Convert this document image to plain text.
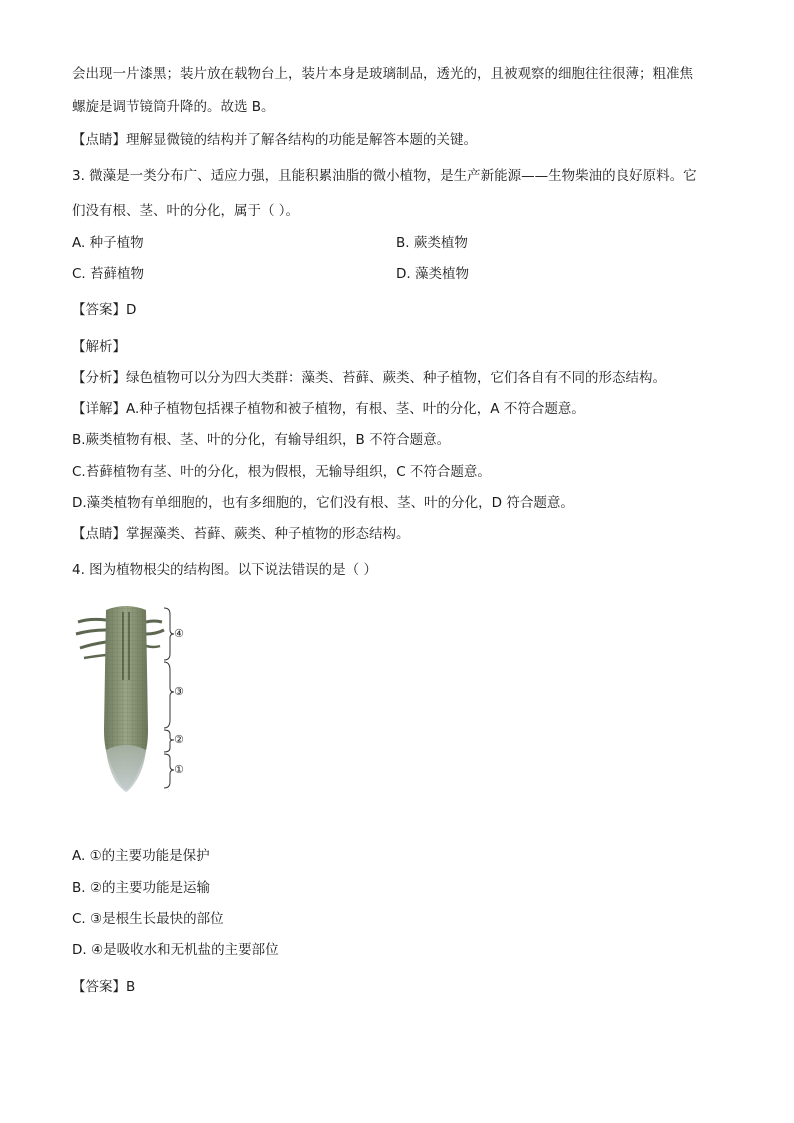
会出现一片漆黑；装片放在载物台上，装片本身是玻璃制品，透光的，且被观察的细胞往往很薄；粗准焦
螺旋是调节镜筒升降的。故选 B。
【点睛】理解显微镜的结构并了解各结构的功能是解答本题的关键。
3. 微藻是一类分布广、适应力强，且能积累油脂的微小植物，是生产新能源——生物柴油的良好原料。它
们没有根、茎、叶的分化，属于（ ）。
A. 种子植物	B. 蕨类植物
C. 苔藓植物	D. 藻类植物
【答案】D
【解析】
【分析】绿色植物可以分为四大类群：藻类、苔藓、蕨类、种子植物，它们各自有不同的形态结构。
【详解】A.种子植物包括裸子植物和被子植物，有根、茎、叶的分化，A 不符合题意。
B.蕨类植物有根、茎、叶的分化，有输导组织，B 不符合题意。
C.苔藓植物有茎、叶的分化，根为假根，无输导组织，C 不符合题意。
D.藻类植物有单细胞的，也有多细胞的，它们没有根、茎、叶的分化，D 符合题意。
【点睛】掌握藻类、苔藓、蕨类、种子植物的形态结构。
4. 图为植物根尖的结构图。以下说法错误的是（ ）
④
③
②
①
A. ①的主要功能是保护
B. ②的主要功能是运输
C. ③是根生长最快的部位
D. ④是吸收水和无机盐的主要部位
【答案】B
